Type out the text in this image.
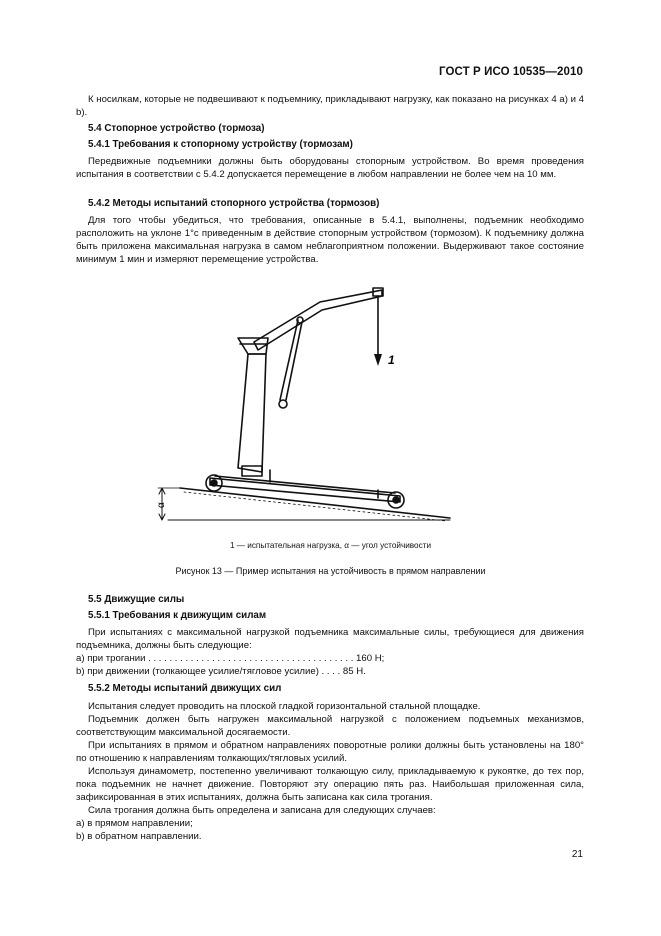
ГОСТ Р ИСО 10535—2010
К носилкам, которые не подвешивают к подъемнику, прикладывают нагрузку, как показано на рисунках 4 а) и 4 b).
5.4 Стопорное устройство (тормоза)
5.4.1 Требования к стопорному устройству (тормозам)
Передвижные подъемники должны быть оборудованы стопорным устройством. Во время проведения испытания в соответствии с 5.4.2 допускается перемещение в любом направлении не более чем на 10 мм.
5.4.2 Методы испытаний стопорного устройства (тормозов)
Для того чтобы убедиться, что требования, описанные в 5.4.1, выполнены, подъемник необходимо расположить на уклоне 1°с приведенным в действие стопорным устройством (тормозом). К подъемнику должна быть приложена максимальная нагрузка в самом неблагоприятном положении. Выдерживают такое состояние минимум 1 мин и измеряют перемещение устройства.
1
α
1 — испытательная нагрузка, α — угол устойчивости
Рисунок 13 — Пример испытания на устойчивость в прямом направлении
5.5 Движущие силы
5.5.1 Требования к движущим силам
При испытаниях с максимальной нагрузкой подъемника максимальные силы, требующиеся для движения подъемника, должны быть следующие:
a) при трогании . . . . . . . . . . . . . . . . . . . . . . . . . . . . . . . . . . . . . . . 160 Н;
b) при движении (толкающее усилие/тягловое усилие) . . . . 85 Н.
5.5.2 Методы испытаний движущих сил
Испытания следует проводить на плоской гладкой горизонтальной стальной площадке.
Подъемник должен быть нагружен максимальной нагрузкой с положением подъемных механизмов, соответствующим максимальной досягаемости.
При испытаниях в прямом и обратном направлениях поворотные ролики должны быть установлены на 180° по отношению к направлениям толкающих/тягловых усилий.
Используя динамометр, постепенно увеличивают толкающую силу, прикладываемую к рукоятке, до тех пор, пока подъемник не начнет движение. Повторяют эту операцию пять раз. Наибольшая приложенная сила, зафиксированная в этих испытаниях, должна быть записана как сила трогания.
Сила трогания должна быть определена и записана для следующих случаев:
a) в прямом направлении;
b) в обратном направлении.
21
